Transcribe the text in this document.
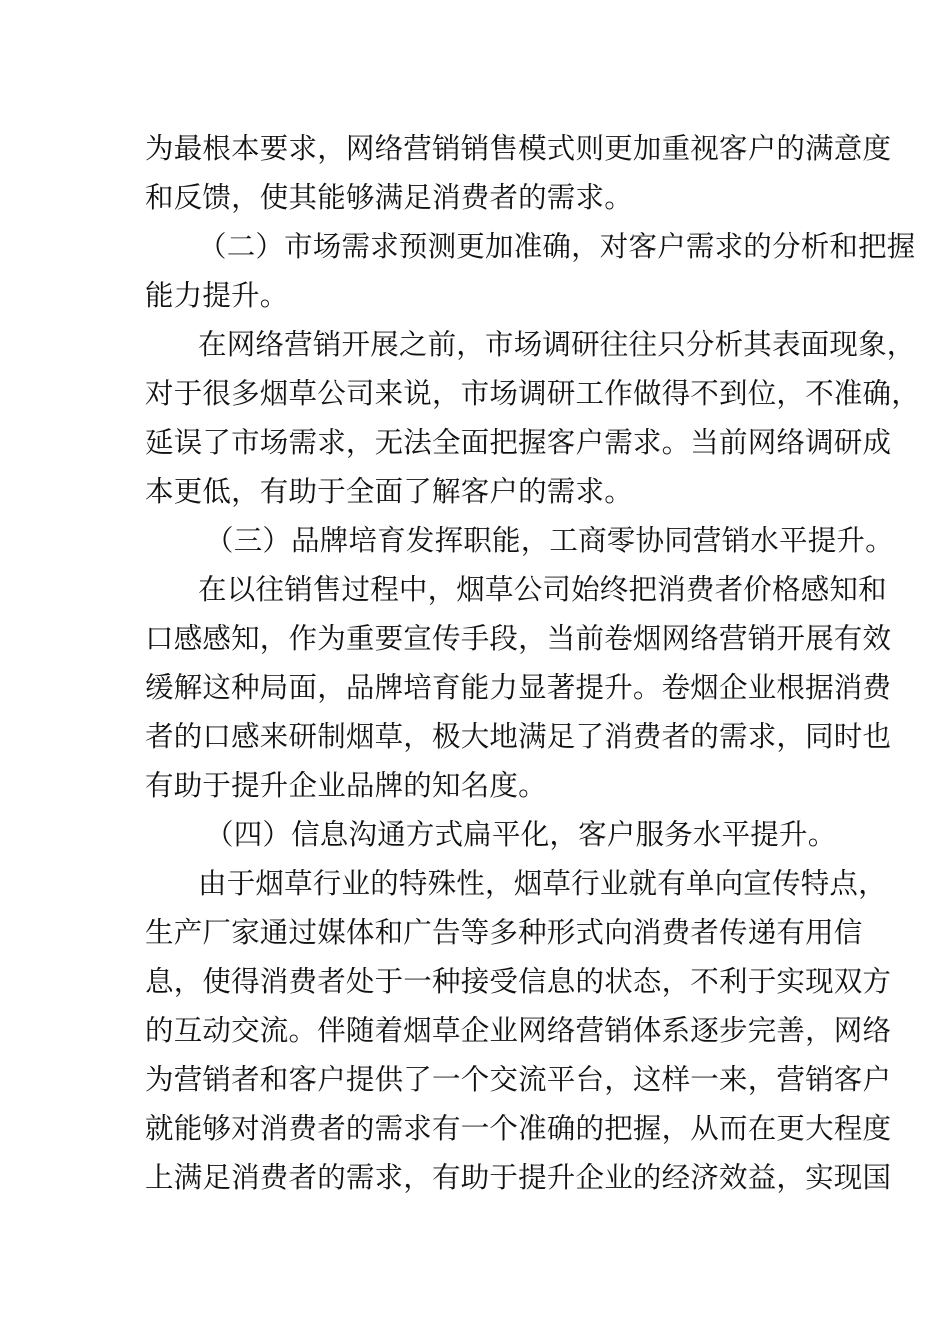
为最根本要求，网络营销销售模式则更加重视客户的满意度
和反馈，使其能够满足消费者的需求。
（二）市场需求预测更加准确，对客户需求的分析和把握
能力提升。
在网络营销开展之前，市场调研往往只分析其表面现象，
对于很多烟草公司来说，市场调研工作做得不到位，不准确，
延误了市场需求，无法全面把握客户需求。当前网络调研成
本更低，有助于全面了解客户的需求。
（三）品牌培育发挥职能，工商零协同营销水平提升。
在以往销售过程中，烟草公司始终把消费者价格感知和
口感感知，作为重要宣传手段，当前卷烟网络营销开展有效
缓解这种局面，品牌培育能力显著提升。卷烟企业根据消费
者的口感来研制烟草，极大地满足了消费者的需求，同时也
有助于提升企业品牌的知名度。
（四）信息沟通方式扁平化，客户服务水平提升。
由于烟草行业的特殊性，烟草行业就有单向宣传特点，
生产厂家通过媒体和广告等多种形式向消费者传递有用信
息，使得消费者处于一种接受信息的状态，不利于实现双方
的互动交流。伴随着烟草企业网络营销体系逐步完善，网络
为营销者和客户提供了一个交流平台，这样一来，营销客户
就能够对消费者的需求有一个准确的把握，从而在更大程度
上满足消费者的需求，有助于提升企业的经济效益，实现国
